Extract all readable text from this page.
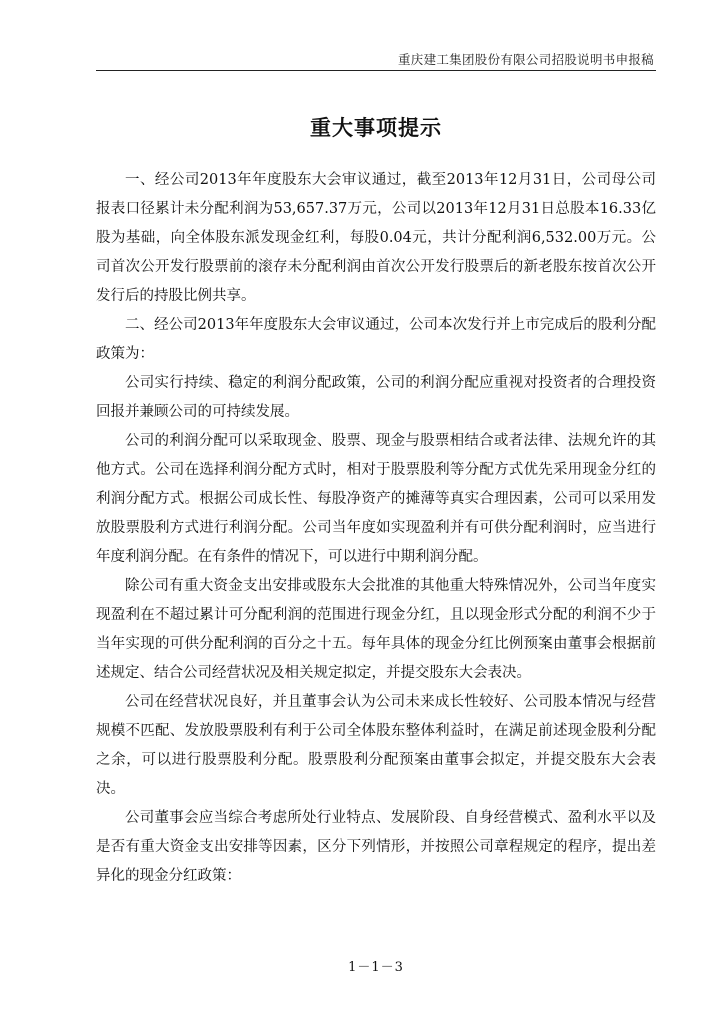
重庆建工集团股份有限公司招股说明书申报稿
重大事项提示

一、经公司2013年年度股东大会审议通过，截至2013年12月31日，公司母公司报表口径累计未分配利润为53,657.37万元，公司以2013年12月31日总股本16.33亿股为基础，向全体股东派发现金红利，每股0.04元，共计分配利润6,532.00万元。公司首次公开发行股票前的滚存未分配利润由首次公开发行股票后的新老股东按首次公开发行后的持股比例共享。

二、经公司2013年年度股东大会审议通过，公司本次发行并上市完成后的股利分配政策为：

公司实行持续、稳定的利润分配政策，公司的利润分配应重视对投资者的合理投资回报并兼顾公司的可持续发展。

公司的利润分配可以采取现金、股票、现金与股票相结合或者法律、法规允许的其他方式。公司在选择利润分配方式时，相对于股票股利等分配方式优先采用现金分红的利润分配方式。根据公司成长性、每股净资产的摊薄等真实合理因素，公司可以采用发放股票股利方式进行利润分配。公司当年度如实现盈利并有可供分配利润时，应当进行年度利润分配。在有条件的情况下，可以进行中期利润分配。

除公司有重大资金支出安排或股东大会批准的其他重大特殊情况外，公司当年度实现盈利在不超过累计可分配利润的范围进行现金分红，且以现金形式分配的利润不少于当年实现的可供分配利润的百分之十五。每年具体的现金分红比例预案由董事会根据前述规定、结合公司经营状况及相关规定拟定，并提交股东大会表决。

公司在经营状况良好，并且董事会认为公司未来成长性较好、公司股本情况与经营规模不匹配、发放股票股利有利于公司全体股东整体利益时，在满足前述现金股利分配之余，可以进行股票股利分配。股票股利分配预案由董事会拟定，并提交股东大会表决。

公司董事会应当综合考虑所处行业特点、发展阶段、自身经营模式、盈利水平以及是否有重大资金支出安排等因素，区分下列情形，并按照公司章程规定的程序，提出差异化的现金分红政策：

1－1－3
